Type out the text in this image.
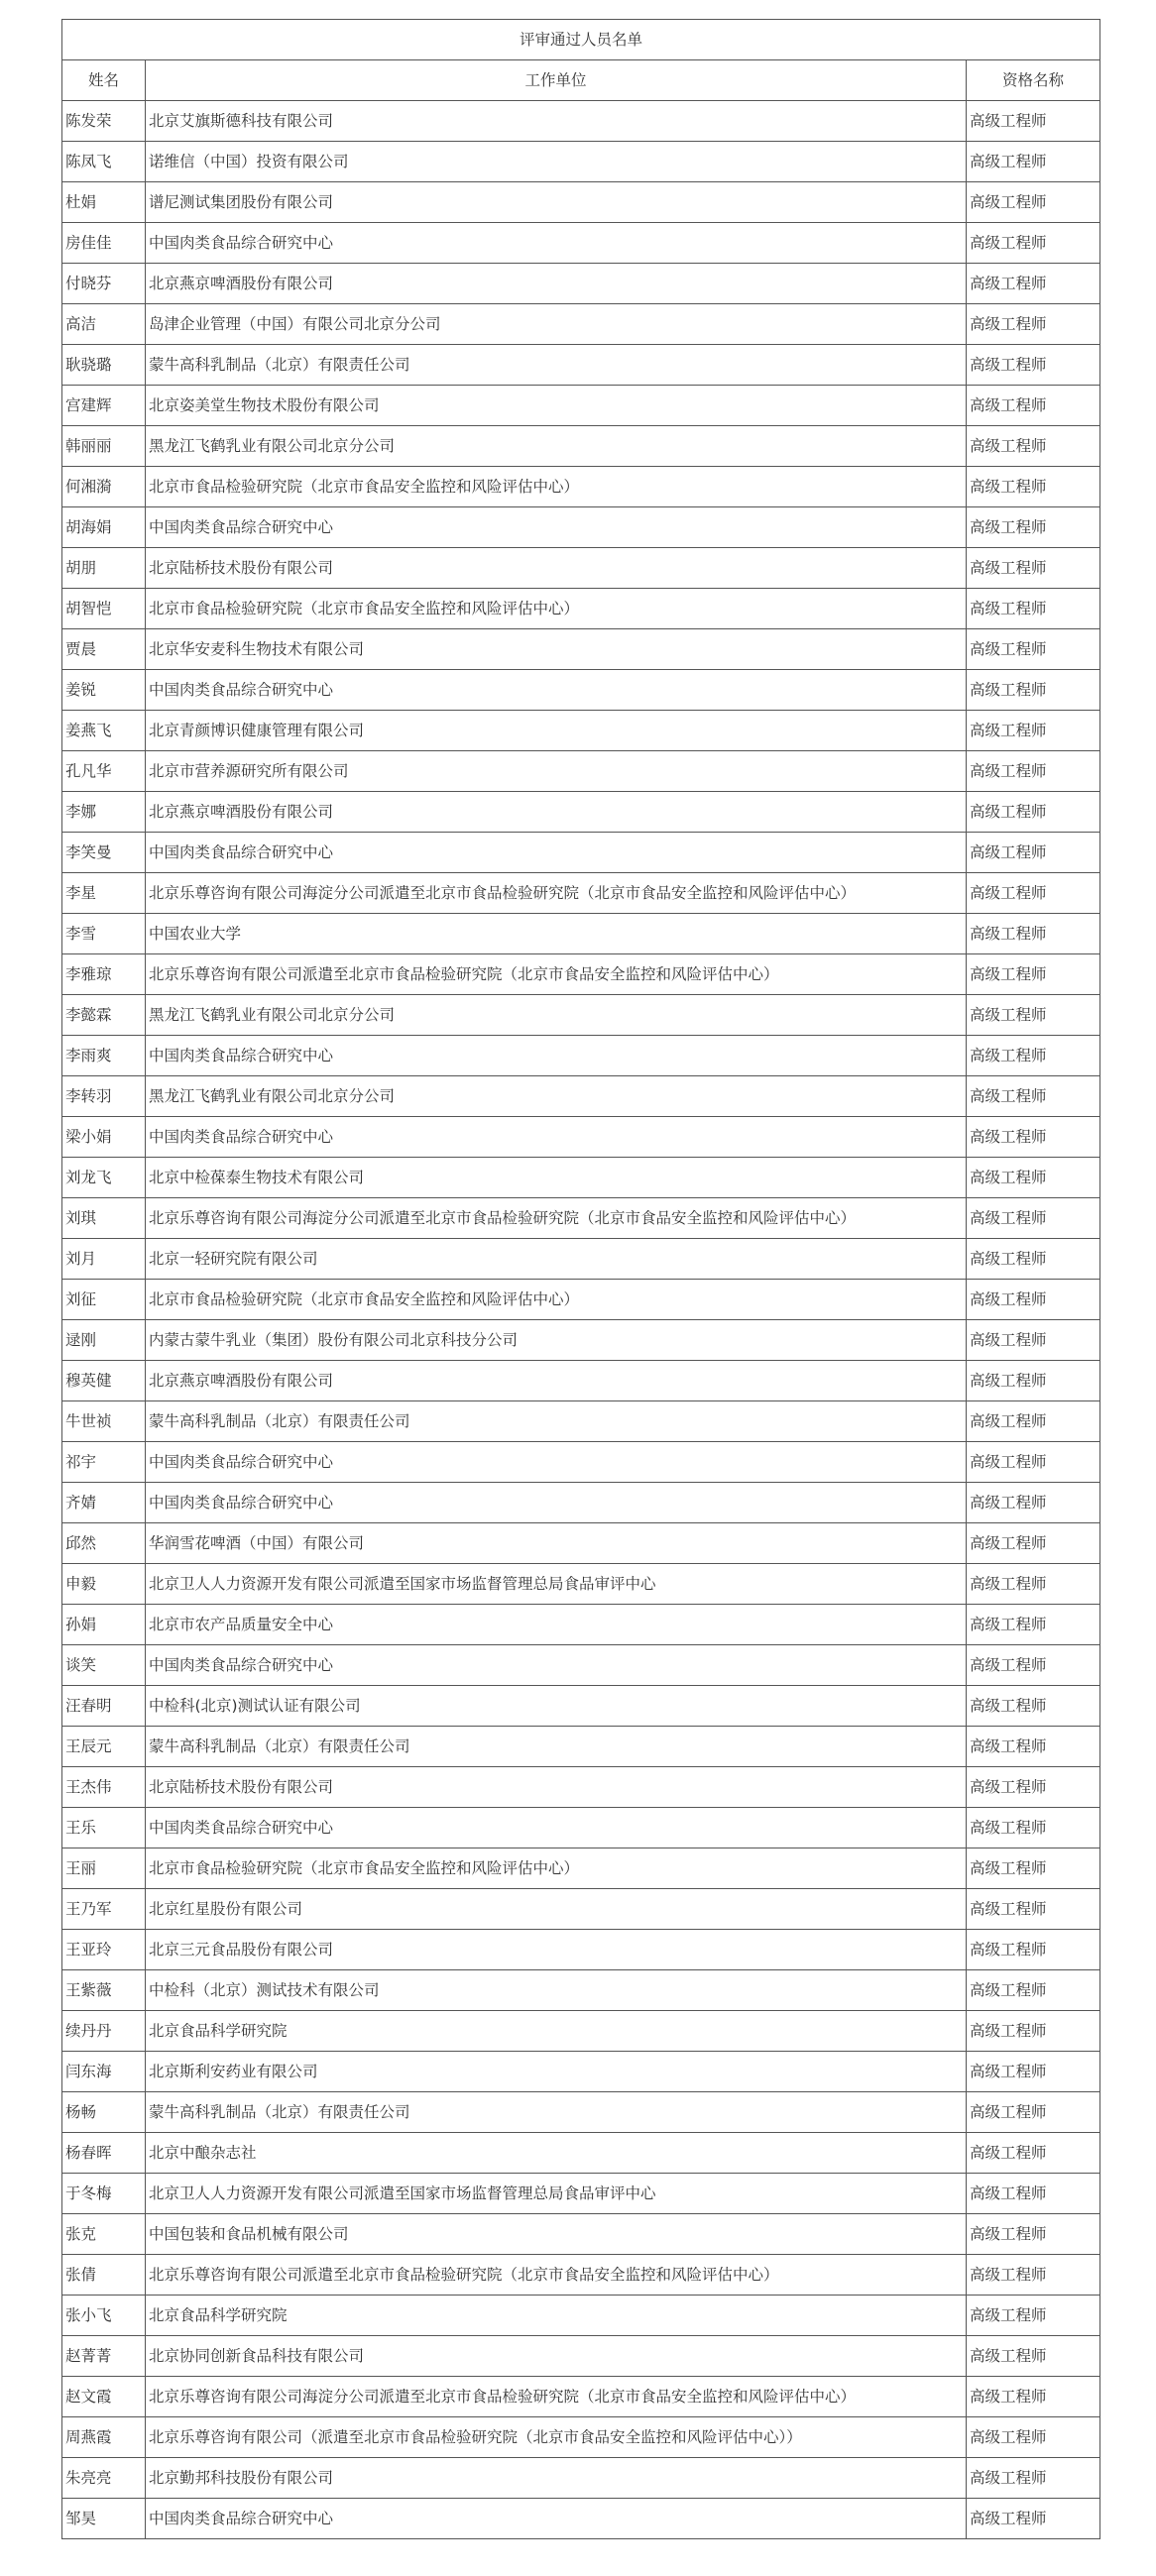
评审通过人员名单		
姓名	工作单位	资格名称
陈发荣	北京艾旗斯德科技有限公司	高级工程师
陈凤飞	诺维信（中国）投资有限公司	高级工程师
杜娟	谱尼测试集团股份有限公司	高级工程师
房佳佳	中国肉类食品综合研究中心	高级工程师
付晓芬	北京燕京啤酒股份有限公司	高级工程师
高洁	岛津企业管理（中国）有限公司北京分公司	高级工程师
耿骁璐	蒙牛高科乳制品（北京）有限责任公司	高级工程师
宫建辉	北京姿美堂生物技术股份有限公司	高级工程师
韩丽丽	黑龙江飞鹤乳业有限公司北京分公司	高级工程师
何湘漪	北京市食品检验研究院（北京市食品安全监控和风险评估中心）	高级工程师
胡海娟	中国肉类食品综合研究中心	高级工程师
胡朋	北京陆桥技术股份有限公司	高级工程师
胡智恺	北京市食品检验研究院（北京市食品安全监控和风险评估中心）	高级工程师
贾晨	北京华安麦科生物技术有限公司	高级工程师
姜锐	中国肉类食品综合研究中心	高级工程师
姜燕飞	北京青颜博识健康管理有限公司	高级工程师
孔凡华	北京市营养源研究所有限公司	高级工程师
李娜	北京燕京啤酒股份有限公司	高级工程师
李笑曼	中国肉类食品综合研究中心	高级工程师
李星	北京乐尊咨询有限公司海淀分公司派遣至北京市食品检验研究院（北京市食品安全监控和风险评估中心）	高级工程师
李雪	中国农业大学	高级工程师
李雅琼	北京乐尊咨询有限公司派遣至北京市食品检验研究院（北京市食品安全监控和风险评估中心）	高级工程师
李懿霖	黑龙江飞鹤乳业有限公司北京分公司	高级工程师
李雨爽	中国肉类食品综合研究中心	高级工程师
李转羽	黑龙江飞鹤乳业有限公司北京分公司	高级工程师
梁小娟	中国肉类食品综合研究中心	高级工程师
刘龙飞	北京中检葆泰生物技术有限公司	高级工程师
刘琪	北京乐尊咨询有限公司海淀分公司派遣至北京市食品检验研究院（北京市食品安全监控和风险评估中心）	高级工程师
刘月	北京一轻研究院有限公司	高级工程师
刘征	北京市食品检验研究院（北京市食品安全监控和风险评估中心）	高级工程师
逯刚	内蒙古蒙牛乳业（集团）股份有限公司北京科技分公司	高级工程师
穆英健	北京燕京啤酒股份有限公司	高级工程师
牛世祯	蒙牛高科乳制品（北京）有限责任公司	高级工程师
祁宇	中国肉类食品综合研究中心	高级工程师
齐婧	中国肉类食品综合研究中心	高级工程师
邱然	华润雪花啤酒（中国）有限公司	高级工程师
申毅	北京卫人人力资源开发有限公司派遣至国家市场监督管理总局食品审评中心	高级工程师
孙娟	北京市农产品质量安全中心	高级工程师
谈笑	中国肉类食品综合研究中心	高级工程师
汪春明	中检科(北京)测试认证有限公司	高级工程师
王辰元	蒙牛高科乳制品（北京）有限责任公司	高级工程师
王杰伟	北京陆桥技术股份有限公司	高级工程师
王乐	中国肉类食品综合研究中心	高级工程师
王丽	北京市食品检验研究院（北京市食品安全监控和风险评估中心）	高级工程师
王乃军	北京红星股份有限公司	高级工程师
王亚玲	北京三元食品股份有限公司	高级工程师
王紫薇	中检科（北京）测试技术有限公司	高级工程师
续丹丹	北京食品科学研究院	高级工程师
闫东海	北京斯利安药业有限公司	高级工程师
杨畅	蒙牛高科乳制品（北京）有限责任公司	高级工程师
杨春晖	北京中酿杂志社	高级工程师
于冬梅	北京卫人人力资源开发有限公司派遣至国家市场监督管理总局食品审评中心	高级工程师
张克	中国包装和食品机械有限公司	高级工程师
张倩	北京乐尊咨询有限公司派遣至北京市食品检验研究院（北京市食品安全监控和风险评估中心）	高级工程师
张小飞	北京食品科学研究院	高级工程师
赵菁菁	北京协同创新食品科技有限公司	高级工程师
赵文霞	北京乐尊咨询有限公司海淀分公司派遣至北京市食品检验研究院（北京市食品安全监控和风险评估中心）	高级工程师
周燕霞	北京乐尊咨询有限公司（派遣至北京市食品检验研究院（北京市食品安全监控和风险评估中心））	高级工程师
朱亮亮	北京勤邦科技股份有限公司	高级工程师
邹昊	中国肉类食品综合研究中心	高级工程师
